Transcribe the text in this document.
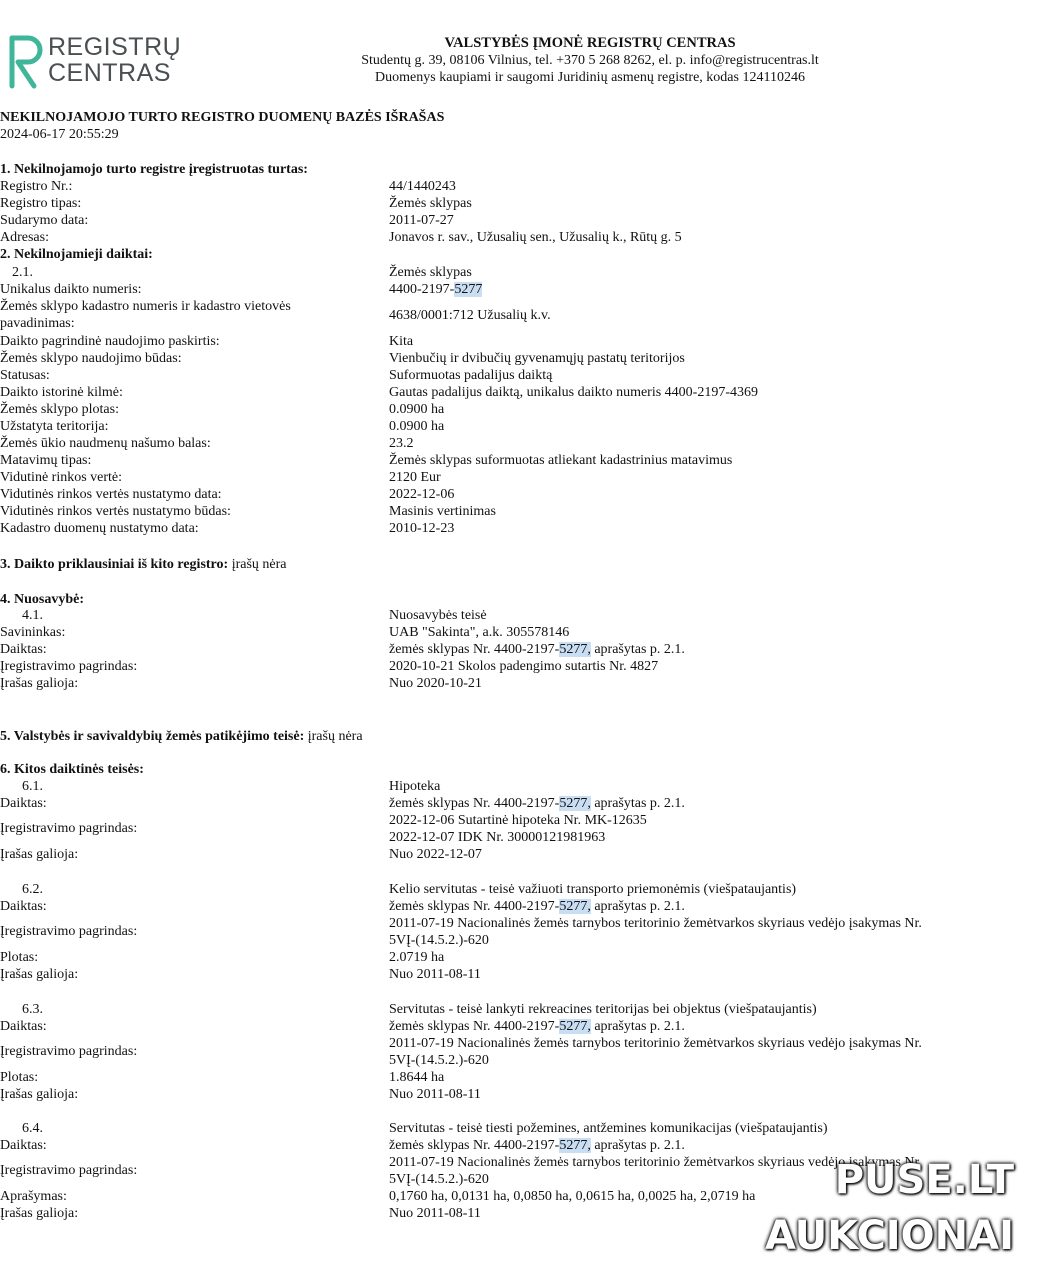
REGISTRŲ
CENTRAS
VALSTYBĖS ĮMONĖ REGISTRŲ CENTRAS
Studentų g. 39, 08106 Vilnius, tel. +370 5 268 8262, el. p. info@registrucentras.lt
Duomenys kaupiami ir saugomi Juridinių asmenų registre, kodas 124110246
NEKILNOJAMOJO TURTO REGISTRO DUOMENŲ BAZĖS IŠRAŠAS
2024-06-17 20:55:29
1. Nekilnojamojo turto registre įregistruotas turtas:
Registro Nr.:	44/1440243
Registro tipas:	Žemės sklypas
Sudarymo data:	2011-07-27
Adresas:	Jonavos r. sav., Užusalių sen., Užusalių k., Rūtų g. 5
2. Nekilnojamieji daiktai:
2.1.	Žemės sklypas
Unikalus daikto numeris:	4400-2197-5277
Žemės sklypo kadastro numeris ir kadastro vietovės
pavadinimas:
4638/0001:712 Užusalių k.v.
Daikto pagrindinė naudojimo paskirtis:	Kita
Žemės sklypo naudojimo būdas:	Vienbučių ir dvibučių gyvenamųjų pastatų teritorijos
Statusas:	Suformuotas padalijus daiktą
Daikto istorinė kilmė:	Gautas padalijus daiktą, unikalus daikto numeris 4400-2197-4369
Žemės sklypo plotas:	0.0900 ha
Užstatyta teritorija:	0.0900 ha
Žemės ūkio naudmenų našumo balas:	23.2
Matavimų tipas:	Žemės sklypas suformuotas atliekant kadastrinius matavimus
Vidutinė rinkos vertė:	2120 Eur
Vidutinės rinkos vertės nustatymo data:	2022-12-06
Vidutinės rinkos vertės nustatymo būdas:	Masinis vertinimas
Kadastro duomenų nustatymo data:	2010-12-23
3. Daikto priklausiniai iš kito registro: įrašų nėra
4. Nuosavybė:
4.1.	Nuosavybės teisė
Savininkas:	UAB "Sakinta", a.k. 305578146
Daiktas:	žemės sklypas Nr. 4400-2197-5277, aprašytas p. 2.1.
Įregistravimo pagrindas:	2020-10-21 Skolos padengimo sutartis Nr. 4827
Įrašas galioja:	Nuo 2020-10-21
5. Valstybės ir savivaldybių žemės patikėjimo teisė: įrašų nėra
6. Kitos daiktinės teisės:
6.1.	Hipoteka
Daiktas:	žemės sklypas Nr. 4400-2197-5277, aprašytas p. 2.1.
Įregistravimo pagrindas:
2022-12-06 Sutartinė hipoteka Nr. MK-12635
2022-12-07 IDK Nr. 30000121981963
Įrašas galioja:	Nuo 2022-12-07
6.2.	Kelio servitutas - teisė važiuoti transporto priemonėmis (viešpataujantis)
Daiktas:	žemės sklypas Nr. 4400-2197-5277, aprašytas p. 2.1.
Įregistravimo pagrindas:
2011-07-19 Nacionalinės žemės tarnybos teritorinio žemėtvarkos skyriaus vedėjo įsakymas Nr.
5VĮ-(14.5.2.)-620
Plotas:	2.0719 ha
Įrašas galioja:	Nuo 2011-08-11
6.3.	Servitutas - teisė lankyti rekreacines teritorijas bei objektus (viešpataujantis)
Daiktas:	žemės sklypas Nr. 4400-2197-5277, aprašytas p. 2.1.
Įregistravimo pagrindas:
2011-07-19 Nacionalinės žemės tarnybos teritorinio žemėtvarkos skyriaus vedėjo įsakymas Nr.
5VĮ-(14.5.2.)-620
Plotas:	1.8644 ha
Įrašas galioja:	Nuo 2011-08-11
6.4.	Servitutas - teisė tiesti požemines, antžemines komunikacijas (viešpataujantis)
Daiktas:	žemės sklypas Nr. 4400-2197-5277, aprašytas p. 2.1.
Įregistravimo pagrindas:
2011-07-19 Nacionalinės žemės tarnybos teritorinio žemėtvarkos skyriaus vedėjo įsakymas Nr.
5VĮ-(14.5.2.)-620
Aprašymas:	0,1760 ha, 0,0131 ha, 0,0850 ha, 0,0615 ha, 0,0025 ha, 2,0719 ha
Įrašas galioja:	Nuo 2011-08-11
PUSE.LT
AUKCIONAI
